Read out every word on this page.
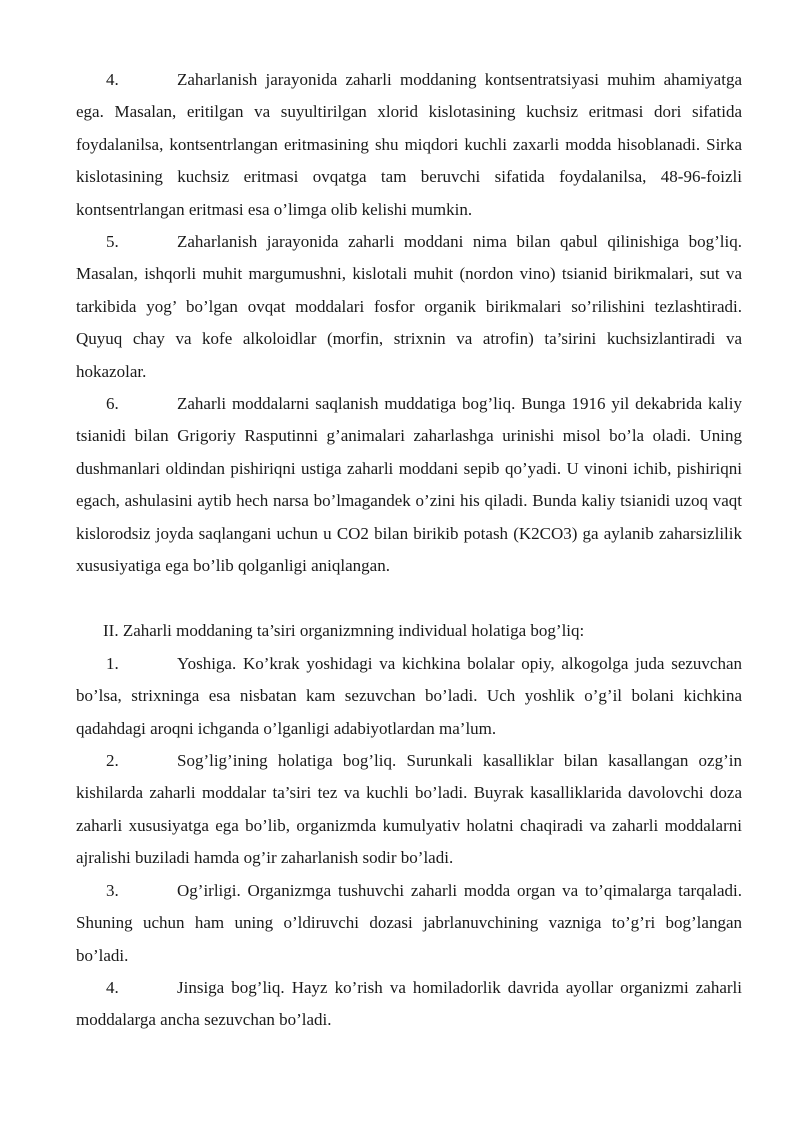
4.	Zaharlanish jarayonida zaharli moddaning kontsentratsiyasi muhim ahamiyatga ega. Masalan, eritilgan va suyultirilgan xlorid kislotasining kuchsiz eritmasi dori sifatida foydalanilsa, kontsentrlangan eritmasining shu miqdori kuchli zaxarli modda hisoblanadi. Sirka kislotasining kuchsiz eritmasi ovqatga tam beruvchi sifatida foydalanilsa, 48-96-foizli kontsentrlangan eritmasi esa o’limga olib kelishi mumkin.

5.	Zaharlanish jarayonida zaharli moddani nima bilan qabul qilinishiga bog’liq. Masalan, ishqorli muhit margumushni, kislotali muhit (nordon vino) tsianid birikmalari, sut va tarkibida yog’ bo’lgan ovqat moddalari fosfor organik birikmalari so’rilishini tezlashtiradi. Quyuq chay va kofe alkoloidlar (morfin, strixnin va atrofin) ta’sirini kuchsizlantiradi va hokazolar.

6.	Zaharli moddalarni saqlanish muddatiga bog’liq. Bunga 1916 yil dekabrida kaliy tsianidi bilan Grigoriy Rasputinni g’animalari zaharlashga urinishi misol bo’la oladi. Uning dushmanlari oldindan pishiriqni ustiga zaharli moddani sepib qo’yadi. U vinoni ichib, pishiriqni egach, ashulasini aytib hech narsa bo’lmagandek o’zini his qiladi. Bunda kaliy tsianidi uzoq vaqt kislorodsiz joyda saqlangani uchun u CO2 bilan birikib potash (K2CO3) ga aylanib zaharsizlilik xususiyatiga ega bo’lib qolganligi aniqlangan.

II. Zaharli moddaning ta’siri organizmning individual holatiga bog’liq:

1.	Yoshiga. Ko’krak yoshidagi va kichkina bolalar opiy, alkogolga juda sezuvchan bo’lsa, strixninga esa nisbatan kam sezuvchan bo’ladi. Uch yoshlik o’g’il bolani kichkina qadahdagi aroqni ichganda o’lganligi adabiyotlardan ma’lum.

2.	Sog’lig’ining holatiga bog’liq. Surunkali kasalliklar bilan kasallangan ozg’in kishilarda zaharli moddalar ta’siri tez va kuchli bo’ladi. Buyrak kasalliklarida davolovchi doza zaharli xususiyatga ega bo’lib, organizmda kumulyativ holatni chaqiradi va zaharli moddalarni ajralishi buziladi hamda og’ir zaharlanish sodir bo’ladi.

3.	Og’irligi. Organizmga tushuvchi zaharli modda organ va to’qimalarga tarqaladi. Shuning uchun ham uning o’ldiruvchi dozasi jabrlanuvchining vazniga to’g’ri bog’langan bo’ladi.

4.	Jinsiga bog’liq. Hayz ko’rish va homiladorlik davrida ayollar organizmi zaharli moddalarga ancha sezuvchan bo’ladi.
